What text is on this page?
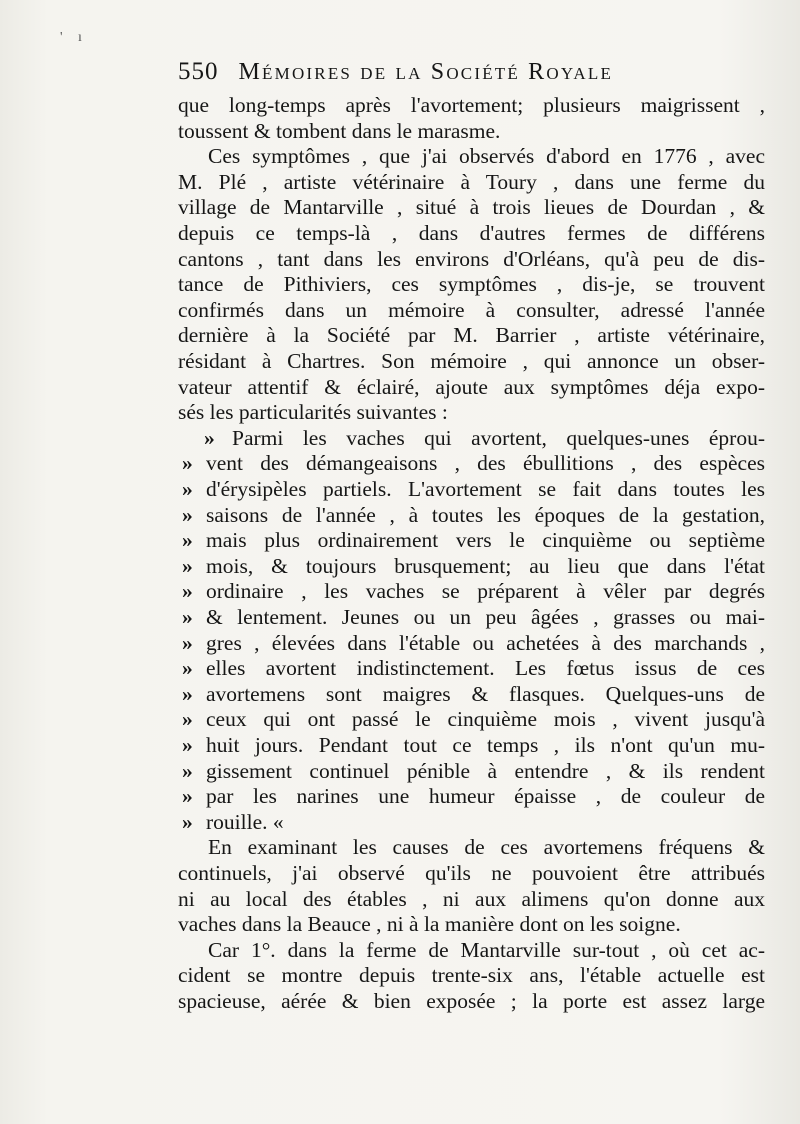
' ı
550 Mémoires de la Société Royale
que long-temps après l'avortement; plusieurs maigrissent ,
toussent & tombent dans le marasme.
Ces symptômes , que j'ai observés d'abord en 1776 , avec
M. Plé , artiste vétérinaire à Toury , dans une ferme du
village de Mantarville , situé à trois lieues de Dourdan , &
depuis ce temps-là , dans d'autres fermes de différens
cantons , tant dans les environs d'Orléans, qu'à peu de dis-
tance de Pithiviers, ces symptômes , dis-je, se trouvent
confirmés dans un mémoire à consulter, adressé l'année
dernière à la Société par M. Barrier , artiste vétérinaire,
résidant à Chartres. Son mémoire , qui annonce un obser-
vateur attentif & éclairé, ajoute aux symptômes déja expo-
sés les particularités suivantes :
» Parmi les vaches qui avortent, quelques-unes éprou-
» vent des démangeaisons , des ébullitions , des espèces
» d'érysipèles partiels. L'avortement se fait dans toutes les
» saisons de l'année , à toutes les époques de la gestation,
» mais plus ordinairement vers le cinquième ou septième
» mois, & toujours brusquement; au lieu que dans l'état
» ordinaire , les vaches se préparent à vêler par degrés
» & lentement. Jeunes ou un peu âgées , grasses ou mai-
» gres , élevées dans l'étable ou achetées à des marchands ,
» elles avortent indistinctement. Les fœtus issus de ces
» avortemens sont maigres & flasques. Quelques-uns de
» ceux qui ont passé le cinquième mois , vivent jusqu'à
» huit jours. Pendant tout ce temps , ils n'ont qu'un mu-
» gissement continuel pénible à entendre , & ils rendent
» par les narines une humeur épaisse , de couleur de
» rouille. «
En examinant les causes de ces avortemens fréquens &
continuels, j'ai observé qu'ils ne pouvoient être attribués
ni au local des étables , ni aux alimens qu'on donne aux
vaches dans la Beauce , ni à la manière dont on les soigne.
Car 1°. dans la ferme de Mantarville sur-tout , où cet ac-
cident se montre depuis trente-six ans, l'étable actuelle est
spacieuse, aérée & bien exposée ; la porte est assez large
